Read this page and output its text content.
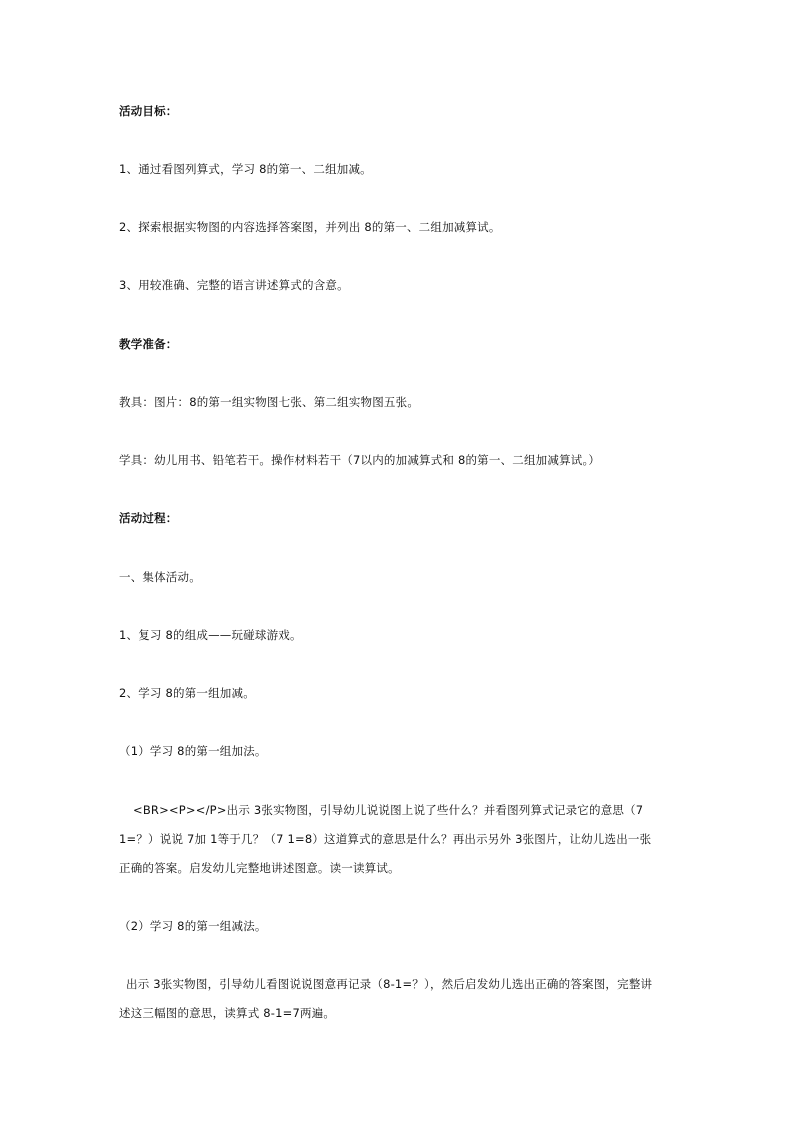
活动目标：
1、通过看图列算式，学习 8的第一、二组加减。
2、探索根据实物图的内容选择答案图，并列出 8的第一、二组加减算试。
3、用较准确、完整的语言讲述算式的含意。
教学准备：
教具：图片：8的第一组实物图七张、第二组实物图五张。
学具：幼儿用书、铅笔若干。操作材料若干（7以内的加减算式和 8的第一、二组加减算试。）
活动过程：
一、集体活动。
1、复习 8的组成——玩碰球游戏。
2、学习 8的第一组加减。
（1）学习 8的第一组加法。
<BR><P></P>出示 3张实物图，引导幼儿说说图上说了些什么？并看图列算式记录它的意思（7
1=？）说说 7加 1等于几？（7 1=8）这道算式的意思是什么？再出示另外 3张图片，让幼儿选出一张
正确的答案。启发幼儿完整地讲述图意。读一读算试。
（2）学习 8的第一组减法。
出示 3张实物图，引导幼儿看图说说图意再记录（8-1=？），然后启发幼儿选出正确的答案图，完整讲
述这三幅图的意思，读算式 8-1=7两遍。
